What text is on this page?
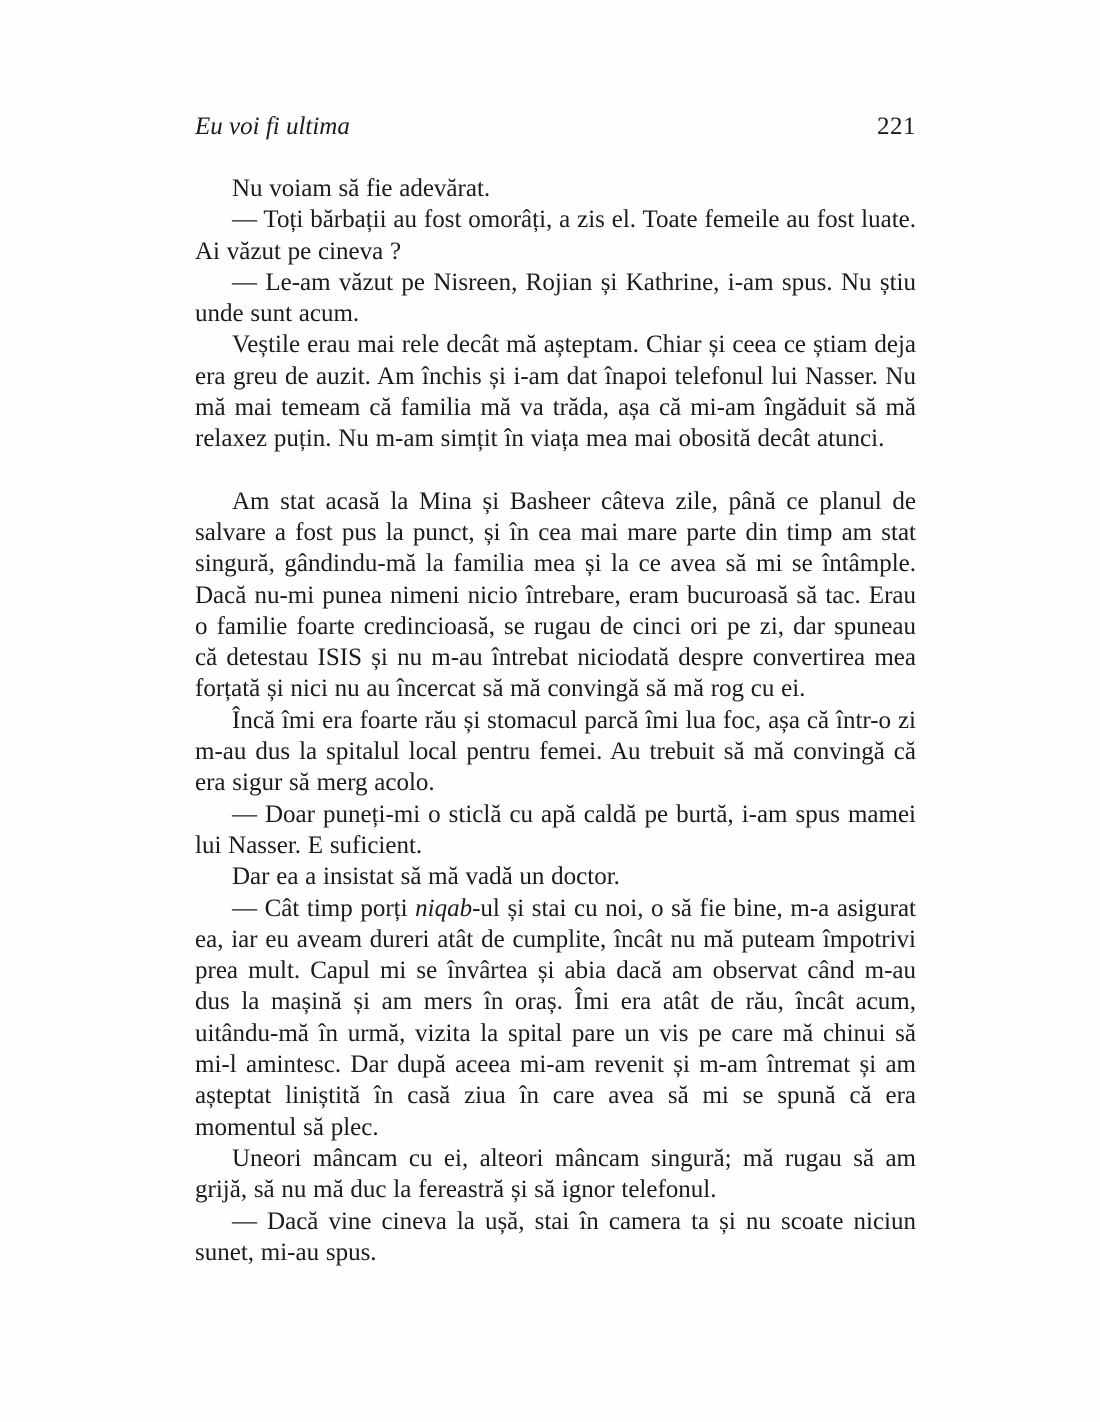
Eu voi fi ultima	221

Nu voiam să fie adevărat.

— Toți bărbații au fost omorâți, a zis el. Toate femeile au fost luate. Ai văzut pe cineva ?

— Le-am văzut pe Nisreen, Rojian și Kathrine, i-am spus. Nu știu unde sunt acum.

Veștile erau mai rele decât mă așteptam. Chiar și ceea ce știam deja era greu de auzit. Am închis și i-am dat înapoi telefonul lui Nasser. Nu mă mai temeam că familia mă va trăda, așa că mi-am îngăduit să mă relaxez puțin. Nu m-am simțit în viața mea mai obosită decât atunci.

Am stat acasă la Mina și Basheer câteva zile, până ce planul de salvare a fost pus la punct, și în cea mai mare parte din timp am stat singură, gândindu-mă la familia mea și la ce avea să mi se întâmple. Dacă nu-mi punea nimeni nicio întrebare, eram bucuroasă să tac. Erau o familie foarte credincioasă, se rugau de cinci ori pe zi, dar spuneau că detestau ISIS și nu m-au întrebat niciodată despre convertirea mea forțată și nici nu au încercat să mă convingă să mă rog cu ei.

Încă îmi era foarte rău și stomacul parcă îmi lua foc, așa că într-o zi m-au dus la spitalul local pentru femei. Au trebuit să mă convingă că era sigur să merg acolo.

— Doar puneți-mi o sticlă cu apă caldă pe burtă, i-am spus mamei lui Nasser. E suficient.

Dar ea a insistat să mă vadă un doctor.

— Cât timp porți niqab-ul și stai cu noi, o să fie bine, m-a asigurat ea, iar eu aveam dureri atât de cumplite, încât nu mă puteam împotrivi prea mult. Capul mi se învârtea și abia dacă am observat când m-au dus la mașină și am mers în oraș. Îmi era atât de rău, încât acum, uitându-mă în urmă, vizita la spital pare un vis pe care mă chinui să mi-l amintesc. Dar după aceea mi-am revenit și m-am întremat și am așteptat liniștită în casă ziua în care avea să mi se spună că era momentul să plec.

Uneori mâncam cu ei, alteori mâncam singură; mă rugau să am grijă, să nu mă duc la fereastră și să ignor telefonul.

— Dacă vine cineva la ușă, stai în camera ta și nu scoate niciun sunet, mi-au spus.
